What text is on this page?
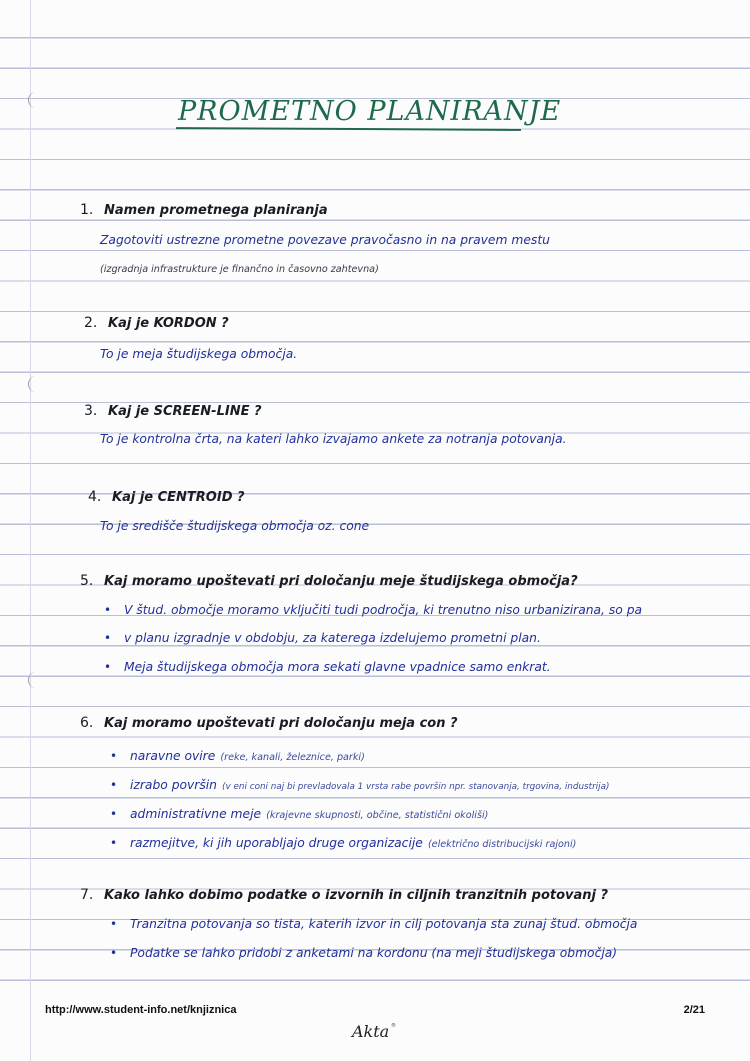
PROMETNO PLANIRANJE
1. Namen prometnega planiranja
Zagotoviti ustrezne prometne povezave pravočasno in na pravem mestu
(izgradnja infrastrukture je finančno in časovno zahtevna)
2. Kaj je KORDON ?
To je meja študijskega območja.
3. Kaj je SCREEN-LINE ?
To je kontrolna črta, na kateri lahko izvajamo ankete za notranja potovanja.
4. Kaj je CENTROID ?
To je središče študijskega območja oz. cone
5. Kaj moramo upoštevati pri določanju meje študijskega območja?
• V štud. območje moramo vključiti tudi področja, ki trenutno niso urbanizirana, so pa
• v planu izgradnje v obdobju, za katerega izdelujemo prometni plan.
• Meja študijskega območja mora sekati glavne vpadnice samo enkrat.
6. Kaj moramo upoštevati pri določanju meja con ?
• naravne ovire (reke, kanali, železnice, parki)
• izrabo površin (v eni coni naj bi prevladovala 1 vrsta rabe površin npr. stanovanja, trgovina, industrija)
• administrativne meje (krajevne skupnosti, občine, statistični okoliši)
• razmejitve, ki jih uporabljajo druge organizacije (električno distribucijski rajoni)
7. Kako lahko dobimo podatke o izvornih in ciljnih tranzitnih potovanj ?
• Tranzitna potovanja so tista, katerih izvor in cilj potovanja sta zunaj štud. območja
• Podatke se lahko pridobi z anketami na kordonu (na meji študijskega območja)
http://www.student-info.net/knjiznica	2/21
Akta ®
